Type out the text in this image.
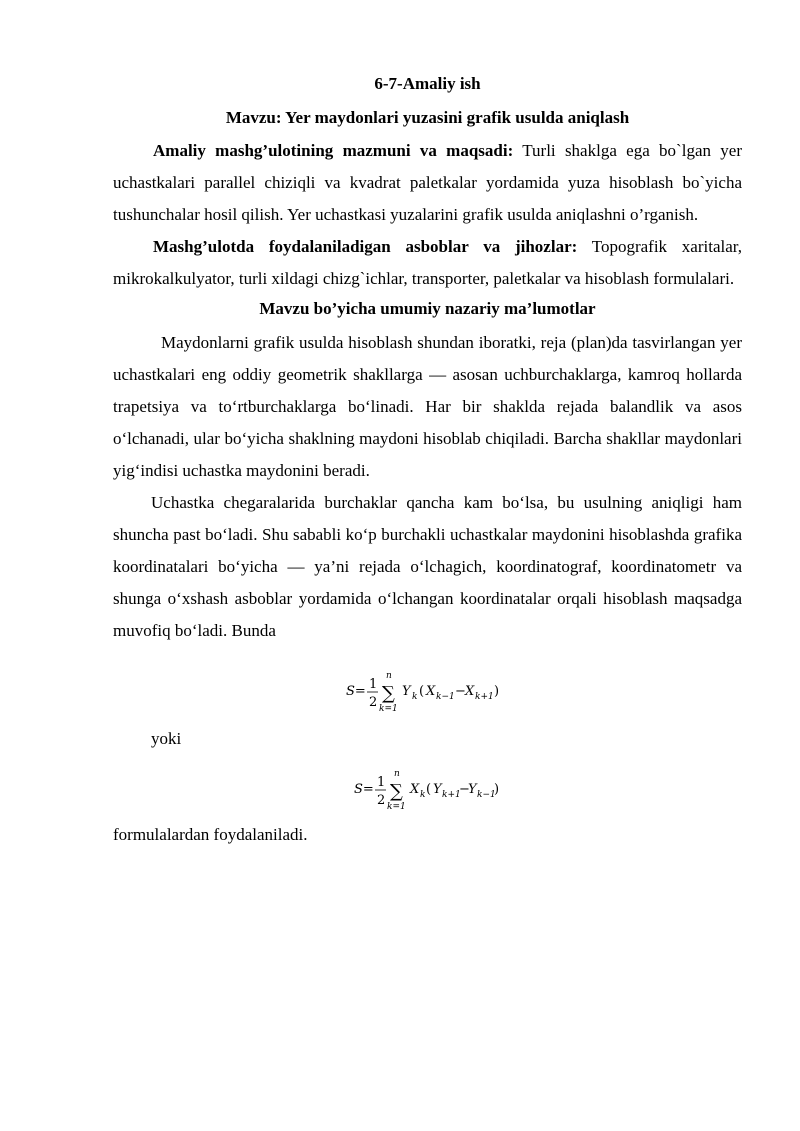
6-7-Amaliy ish
Mavzu: Yer maydonlari yuzasini grafik usulda aniqlash

Amaliy mashg’ulotining mazmuni va maqsadi: Turli shaklga ega bo`lgan yer uchastkalari parallel chiziqli va kvadrat paletkalar yordamida yuza hisoblash bo`yicha tushunchalar hosil qilish. Yer uchastkasi yuzalarini grafik usulda aniqlashni o’rganish.

Mashg’ulotda foydalaniladigan asboblar va jihozlar: Topografik xaritalar, mikrokalkulyator, turli xildagi chizg`ichlar, transporter, paletkalar va hisoblash formulalari.

Mavzu bo’yicha umumiy nazariy ma’lumotlar

Maydonlarni grafik usulda hisoblash shundan iboratki, reja (plan)da tasvirlangan yer uchastkalari eng oddiy geometrik shakllarga — asosan uchburchaklarga, kamroq hollarda trapetsiya va to‘rtburchaklarga bo‘linadi. Har bir shaklda rejada balandlik va asos o‘lchanadi, ular bo‘yicha shaklning maydoni hisoblab chiqiladi. Barcha shakllar maydonlari yig‘indisi uchastka maydonini beradi.

Uchastka chegaralarida burchaklar qancha kam bo‘lsa, bu usulning aniqligi ham shuncha past bo‘ladi. Shu sababli ko‘p burchakli uchastkalar maydonini hisoblashda grafika koordinatalari bo‘yicha — ya’ni rejada o‘lchagich, koordinatograf, koordinatometr va shunga o‘xshash asboblar yordamida o‘lchangan koordinatalar orqali hisoblash maqsadga muvofiq bo‘ladi. Bunda

S= 1
2 ∑
n
k=1
Y k ( X k−1 − X k+1 )
yoki
S= 1
2 ∑
n
k=1
X k ( Y k+1
−
Y k−1
)
formulalardan foydalaniladi.
